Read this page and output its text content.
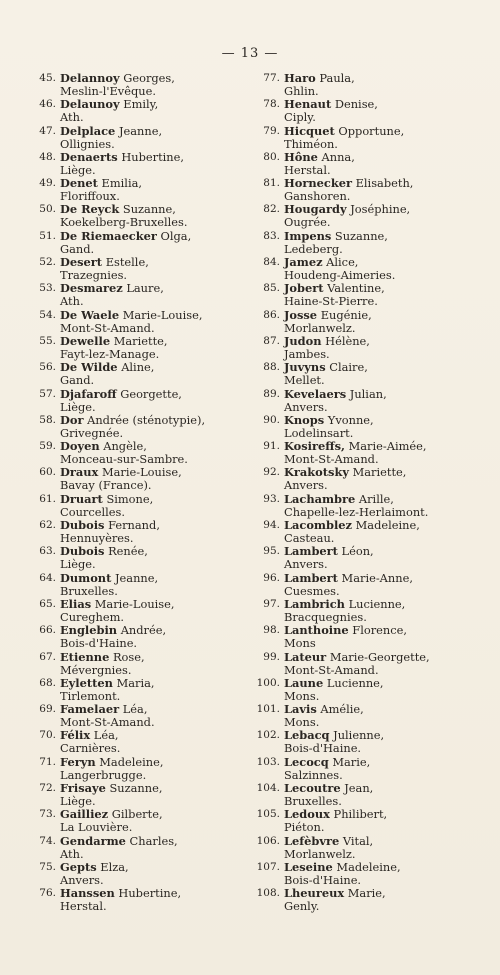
— 13 —
45. Delannoy Georges,
Meslin-l'Evêque.
46. Delaunoy Emily,
Ath.
47. Delplace Jeanne,
Ollignies.
48. Denaerts Hubertine,
Liège.
49. Denet Emilia,
Floriffoux.
50. De Reyck Suzanne,
Koekelberg-Bruxelles.
51. De Riemaecker Olga,
Gand.
52. Desert Estelle,
Trazegnies.
53. Desmarez Laure,
Ath.
54. De Waele Marie-Louise,
Mont-St-Amand.
55. Dewelle Mariette,
Fayt-lez-Manage.
56. De Wilde Aline,
Gand.
57. Djafaroff Georgette,
Liège.
58. Dor Andrée (sténotypie),
Grivegnée.
59. Doyen Angèle,
Monceau-sur-Sambre.
60. Draux Marie-Louise,
Bavay (France).
61. Druart Simone,
Courcelles.
62. Dubois Fernand,
Hennuyères.
63. Dubois Renée,
Liège.
64. Dumont Jeanne,
Bruxelles.
65. Elias Marie-Louise,
Cureghem.
66. Englebin Andrée,
Bois-d'Haine.
67. Etienne Rose,
Mévergnies.
68. Eyletten Maria,
Tirlemont.
69. Famelaer Léa,
Mont-St-Amand.
70. Félix Léa,
Carnières.
71. Feryn Madeleine,
Langerbrugge.
72. Frisaye Suzanne,
Liège.
73. Gailliez Gilberte,
La Louvière.
74. Gendarme Charles,
Ath.
75. Gepts Elza,
Anvers.
76. Hanssen Hubertine,
Herstal.
77. Haro Paula,
Ghlin.
78. Henaut Denise,
Ciply.
79. Hicquet Opportune,
Thiméon.
80. Hône Anna,
Herstal.
81. Hornecker Elisabeth,
Ganshoren.
82. Hougardy Joséphine,
Ougrée.
83. Impens Suzanne,
Ledeberg.
84. Jamez Alice,
Houdeng-Aimeries.
85. Jobert Valentine,
Haine-St-Pierre.
86. Josse Eugénie,
Morlanwelz.
87. Judon Hélène,
Jambes.
88. Juvyns Claire,
Mellet.
89. Kevelaers Julian,
Anvers.
90. Knops Yvonne,
Lodelinsart.
91. Kosireffs, Marie-Aimée,
Mont-St-Amand.
92. Krakotsky Mariette,
Anvers.
93. Lachambre Arille,
Chapelle-lez-Herlaimont.
94. Lacomblez Madeleine,
Casteau.
95. Lambert Léon,
Anvers.
96. Lambert Marie-Anne,
Cuesmes.
97. Lambrich Lucienne,
Bracquegnies.
98. Lanthoine Florence,
Mons
99. Lateur Marie-Georgette,
Mont-St-Amand.
100. Laune Lucienne,
Mons.
101. Lavis Amélie,
Mons.
102. Lebacq Julienne,
Bois-d'Haine.
103. Lecocq Marie,
Salzinnes.
104. Lecoutre Jean,
Bruxelles.
105. Ledoux Philibert,
Piéton.
106. Lefèbvre Vital,
Morlanwelz.
107. Leseine Madeleine,
Bois-d'Haine.
108. Lheureux Marie,
Genly.
